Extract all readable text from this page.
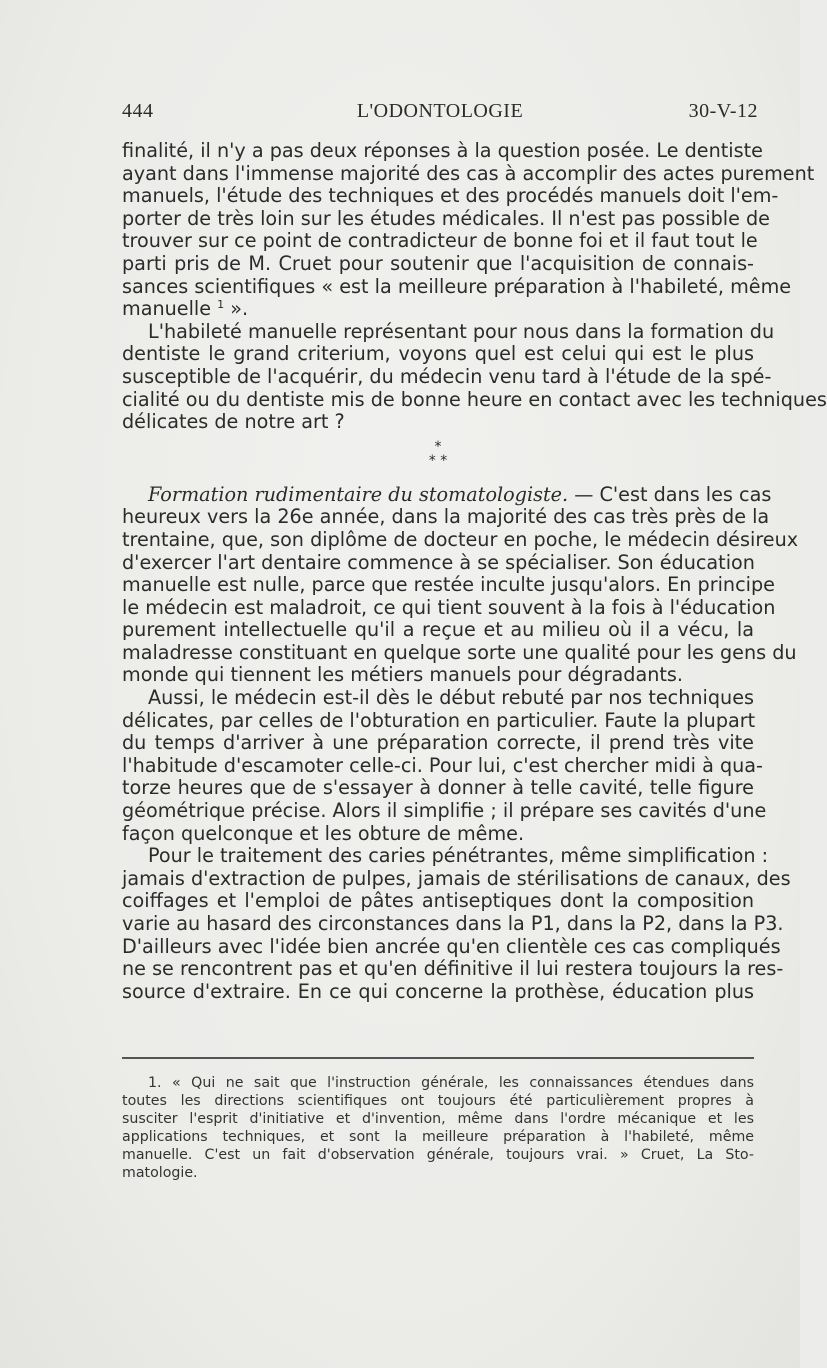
444	L'ODONTOLOGIE	30-V-12
finalité, il n'y a pas deux réponses à la question posée. Le dentiste
ayant dans l'immense majorité des cas à accomplir des actes purement
manuels, l'étude des techniques et des procédés manuels doit l'em-
porter de très loin sur les études médicales. Il n'est pas possible de
trouver sur ce point de contradicteur de bonne foi et il faut tout le
parti pris de M. Cruet pour soutenir que l'acquisition de connais-
sances scientifiques « est la meilleure préparation à l'habileté, même
manuelle $^1$ ».
L'habileté manuelle représentant pour nous dans la formation du
dentiste le grand criterium, voyons quel est celui qui est le plus
susceptible de l'acquérir, du médecin venu tard à l'étude de la spé-
cialité ou du dentiste mis de bonne heure en contact avec les techniques
délicates de notre art ?
*
* *
Formation rudimentaire du stomatologiste. — C'est dans les cas
heureux vers la 26e année, dans la majorité des cas très près de la
trentaine, que, son diplôme de docteur en poche, le médecin désireux
d'exercer l'art dentaire commence à se spécialiser. Son éducation
manuelle est nulle, parce que restée inculte jusqu'alors. En principe
le médecin est maladroit, ce qui tient souvent à la fois à l'éducation
purement intellectuelle qu'il a reçue et au milieu où il a vécu, la
maladresse constituant en quelque sorte une qualité pour les gens du
monde qui tiennent les métiers manuels pour dégradants.
Aussi, le médecin est-il dès le début rebuté par nos techniques
délicates, par celles de l'obturation en particulier. Faute la plupart
du temps d'arriver à une préparation correcte, il prend très vite
l'habitude d'escamoter celle-ci. Pour lui, c'est chercher midi à qua-
torze heures que de s'essayer à donner à telle cavité, telle figure
géométrique précise. Alors il simplifie ; il prépare ses cavités d'une
façon quelconque et les obture de même.
Pour le traitement des caries pénétrantes, même simplification :
jamais d'extraction de pulpes, jamais de stérilisations de canaux, des
coiffages et l'emploi de pâtes antiseptiques dont la composition
varie au hasard des circonstances dans la P1, dans la P2, dans la P3.
D'ailleurs avec l'idée bien ancrée qu'en clientèle ces cas compliqués
ne se rencontrent pas et qu'en définitive il lui restera toujours la res-
source d'extraire. En ce qui concerne la prothèse, éducation plus
1. « Qui ne sait que l'instruction générale, les connaissances étendues dans
toutes les directions scientifiques ont toujours été particulièrement propres à
susciter l'esprit d'initiative et d'invention, même dans l'ordre mécanique et les
applications techniques, et sont la meilleure préparation à l'habileté, même
manuelle. C'est un fait d'observation générale, toujours vrai. » Cruet, La Sto-
matologie.
